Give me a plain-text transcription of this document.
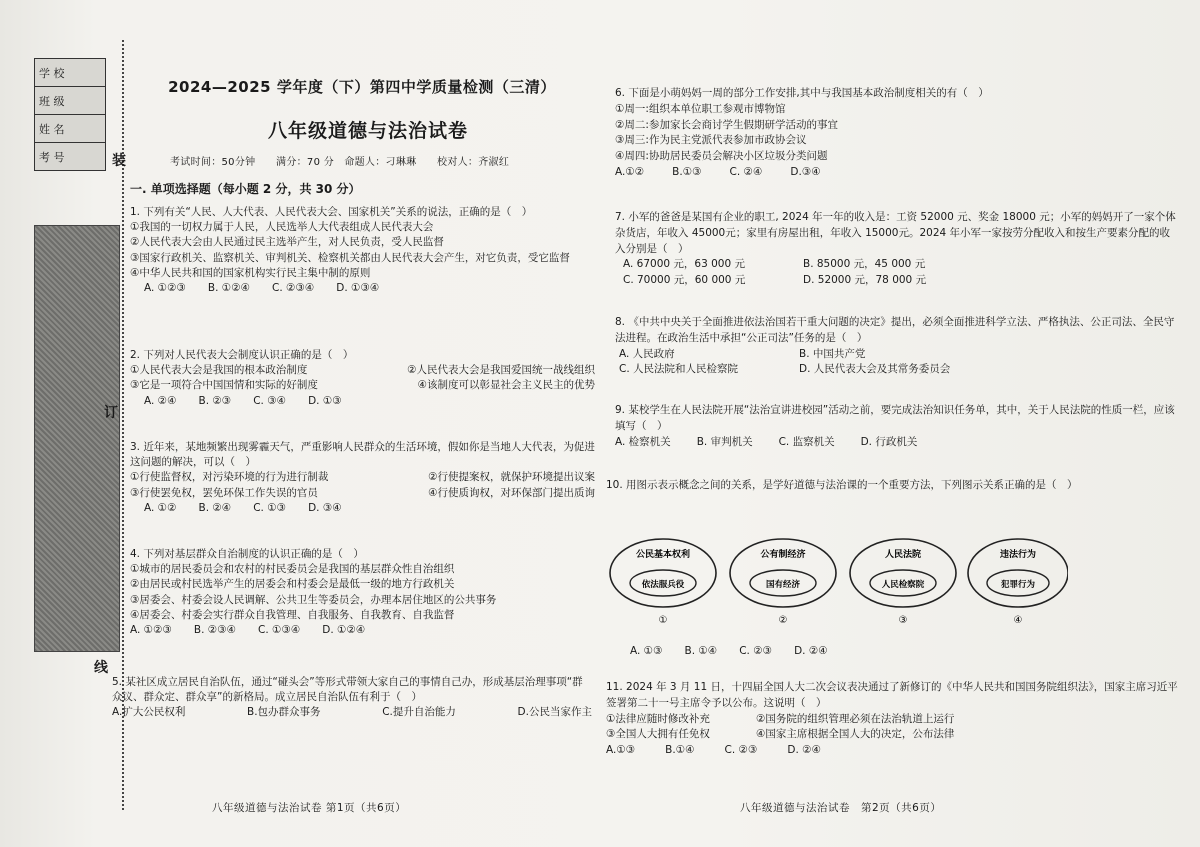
学 校
班 级
姓 名
考 号	装
订
线
2024—2025 学年度（下）第四中学质量检测（三清）
八年级道德与法治试卷
考试时间：50分钟　　满分：70 分　命题人：刁琳琳　　校对人：齐淑红
一. 单项选择题（每小题 2 分，共 30 分）
1. 下列有关“人民、人大代表、人民代表大会、国家机关”关系的说法，正确的是（　）
①我国的一切权力属于人民，人民选举人大代表组成人民代表大会
②人民代表大会由人民通过民主选举产生，对人民负责，受人民监督
③国家行政机关、监察机关、审判机关、检察机关都由人民代表大会产生，对它负责，受它监督
④中华人民共和国的国家机构实行民主集中制的原则
A. ①②③ B. ①②④ C. ②③④ D. ①③④
2. 下列对人民代表大会制度认识正确的是（　）
①人民代表大会是我国的根本政治制度	②人民代表大会是我国爱国统一战线组织
③它是一项符合中国国情和实际的好制度	④该制度可以彰显社会主义民主的优势
A. ②④ B. ②③ C. ③④ D. ①③
3. 近年来，某地频繁出现雾霾天气，严重影响人民群众的生活环境，假如你是当地人大代表，为促进这问题的解决，可以（　）
①行使监督权，对污染环境的行为进行制裁	②行使提案权，就保护环境提出议案
③行使罢免权，罢免环保工作失误的官员	④行使质询权，对环保部门提出质询
A. ①② B. ②④ C. ①③ D. ③④
4. 下列对基层群众自治制度的认识正确的是（　）
①城市的居民委员会和农村的村民委员会是我国的基层群众性自治组织
②由居民或村民选举产生的居委会和村委会是最低一级的地方行政机关
③居委会、村委会设人民调解、公共卫生等委员会，办理本居住地区的公共事务
④居委会、村委会实行群众自我管理、自我服务、自我教育、自我监督
A. ①②③ B. ②③④ C. ①③④ D. ①②④
5. 某社区成立居民自治队伍，通过“碰头会”等形式带领大家自己的事情自己办，形成基层治理事项“群众议、群众定、群众享”的新格局。成立居民自治队伍有利于（　）
A.扩大公民权利	B.包办群众事务	C.提升自治能力	D.公民当家作主
6. 下面是小萌妈妈一周的部分工作安排,其中与我国基本政治制度相关的有（　）
①周一:组织本单位职工参观市博物馆
②周二:参加家长会商讨学生假期研学活动的事宜
③周三:作为民主党派代表参加市政协会议
④周四:协助居民委员会解决小区垃圾分类问题
A.①②	B.①③	C. ②④	D.③④
7. 小军的爸爸是某国有企业的职工, 2024 年一年的收入是：工资 52000 元、奖金 18000 元；小军的妈妈开了一家个体杂货店，年收入 45000元；家里有房屋出租，年收入 15000元。2024 年小军一家按劳分配收入和按生产要素分配的收入分别是（　）
A. 67000 元，63 000 元	B. 85000 元，45 000 元
C. 70000 元，60 000 元	D. 52000 元，78 000 元
8. 《中共中央关于全面推进依法治国若干重大问题的决定》提出，必须全面推进科学立法、严格执法、公正司法、全民守法进程。在政治生活中承担“公正司法”任务的是（　）
A. 人民政府	B. 中国共产党
C. 人民法院和人民检察院	D. 人民代表大会及其常务委员会
9. 某校学生在人民法院开展“法治宣讲进校园”活动之前，要完成法治知识任务单，其中，关于人民法院的性质一栏，应该填写（　）
A. 检察机关 B. 审判机关 C. 监察机关 D. 行政机关
10. 用图示表示概念之间的关系，是学好道德与法治课的一个重要方法，下列图示关系正确的是（　）
公民基本权利
依法服兵役
①
公有制经济
国有经济
②
人民法院
人民检察院
③
违法行为
犯罪行为
④
A. ①③ B. ①④ C. ②③ D. ②④
11. 2024 年 3 月 11 日，十四届全国人大二次会议表决通过了新修订的《中华人民共和国国务院组织法》，国家主席习近平签署第二十一号主席令予以公布。这说明（　）
①法律应随时修改补充	②国务院的组织管理必须在法治轨道上运行
③全国人大拥有任免权	④国家主席根据全国人大的决定，公布法律
A.①③	B.①④	C. ②③	D. ②④
八年级道德与法治试卷 第1页（共6页）	八年级道德与法治试卷　第2页（共6页）
